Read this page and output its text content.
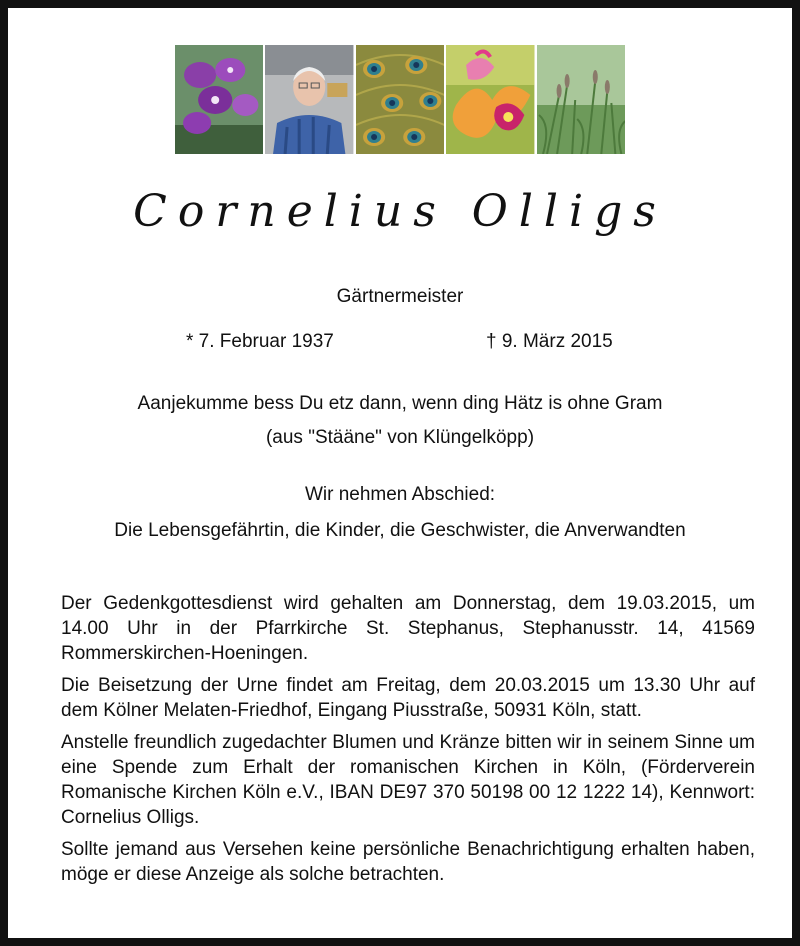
Cornelius Olligs
Gärtnermeister
* 7. Februar 1937	† 9. März 2015
Aanjekumme bess Du etz dann, wenn ding Hätz is ohne Gram
(aus "Stääne" von Klüngelköpp)
Wir nehmen Abschied:
Die Lebensgefährtin, die Kinder, die Geschwister, die Anverwandten

Der Gedenkgottesdienst wird gehalten am Donnerstag, dem 19.03.2015, um 14.00 Uhr in der Pfarrkirche St. Stephanus, Stephanusstr. 14, 41569 Rommerskirchen-Hoeningen.

Die Beisetzung der Urne findet am Freitag, dem 20.03.2015 um 13.30 Uhr auf dem Kölner Melaten-Friedhof, Eingang Piusstraße, 50931 Köln, statt.

Anstelle freundlich zugedachter Blumen und Kränze bitten wir in seinem Sinne um eine Spende zum Erhalt der romanischen Kirchen in Köln, (Förderverein Romanische Kirchen Köln e.V., IBAN DE97 370 50198 00 12 1222 14), Kennwort: Cornelius Olligs.

Sollte jemand aus Versehen keine persönliche Benachrichtigung erhalten haben, möge er diese Anzeige als solche betrachten.
